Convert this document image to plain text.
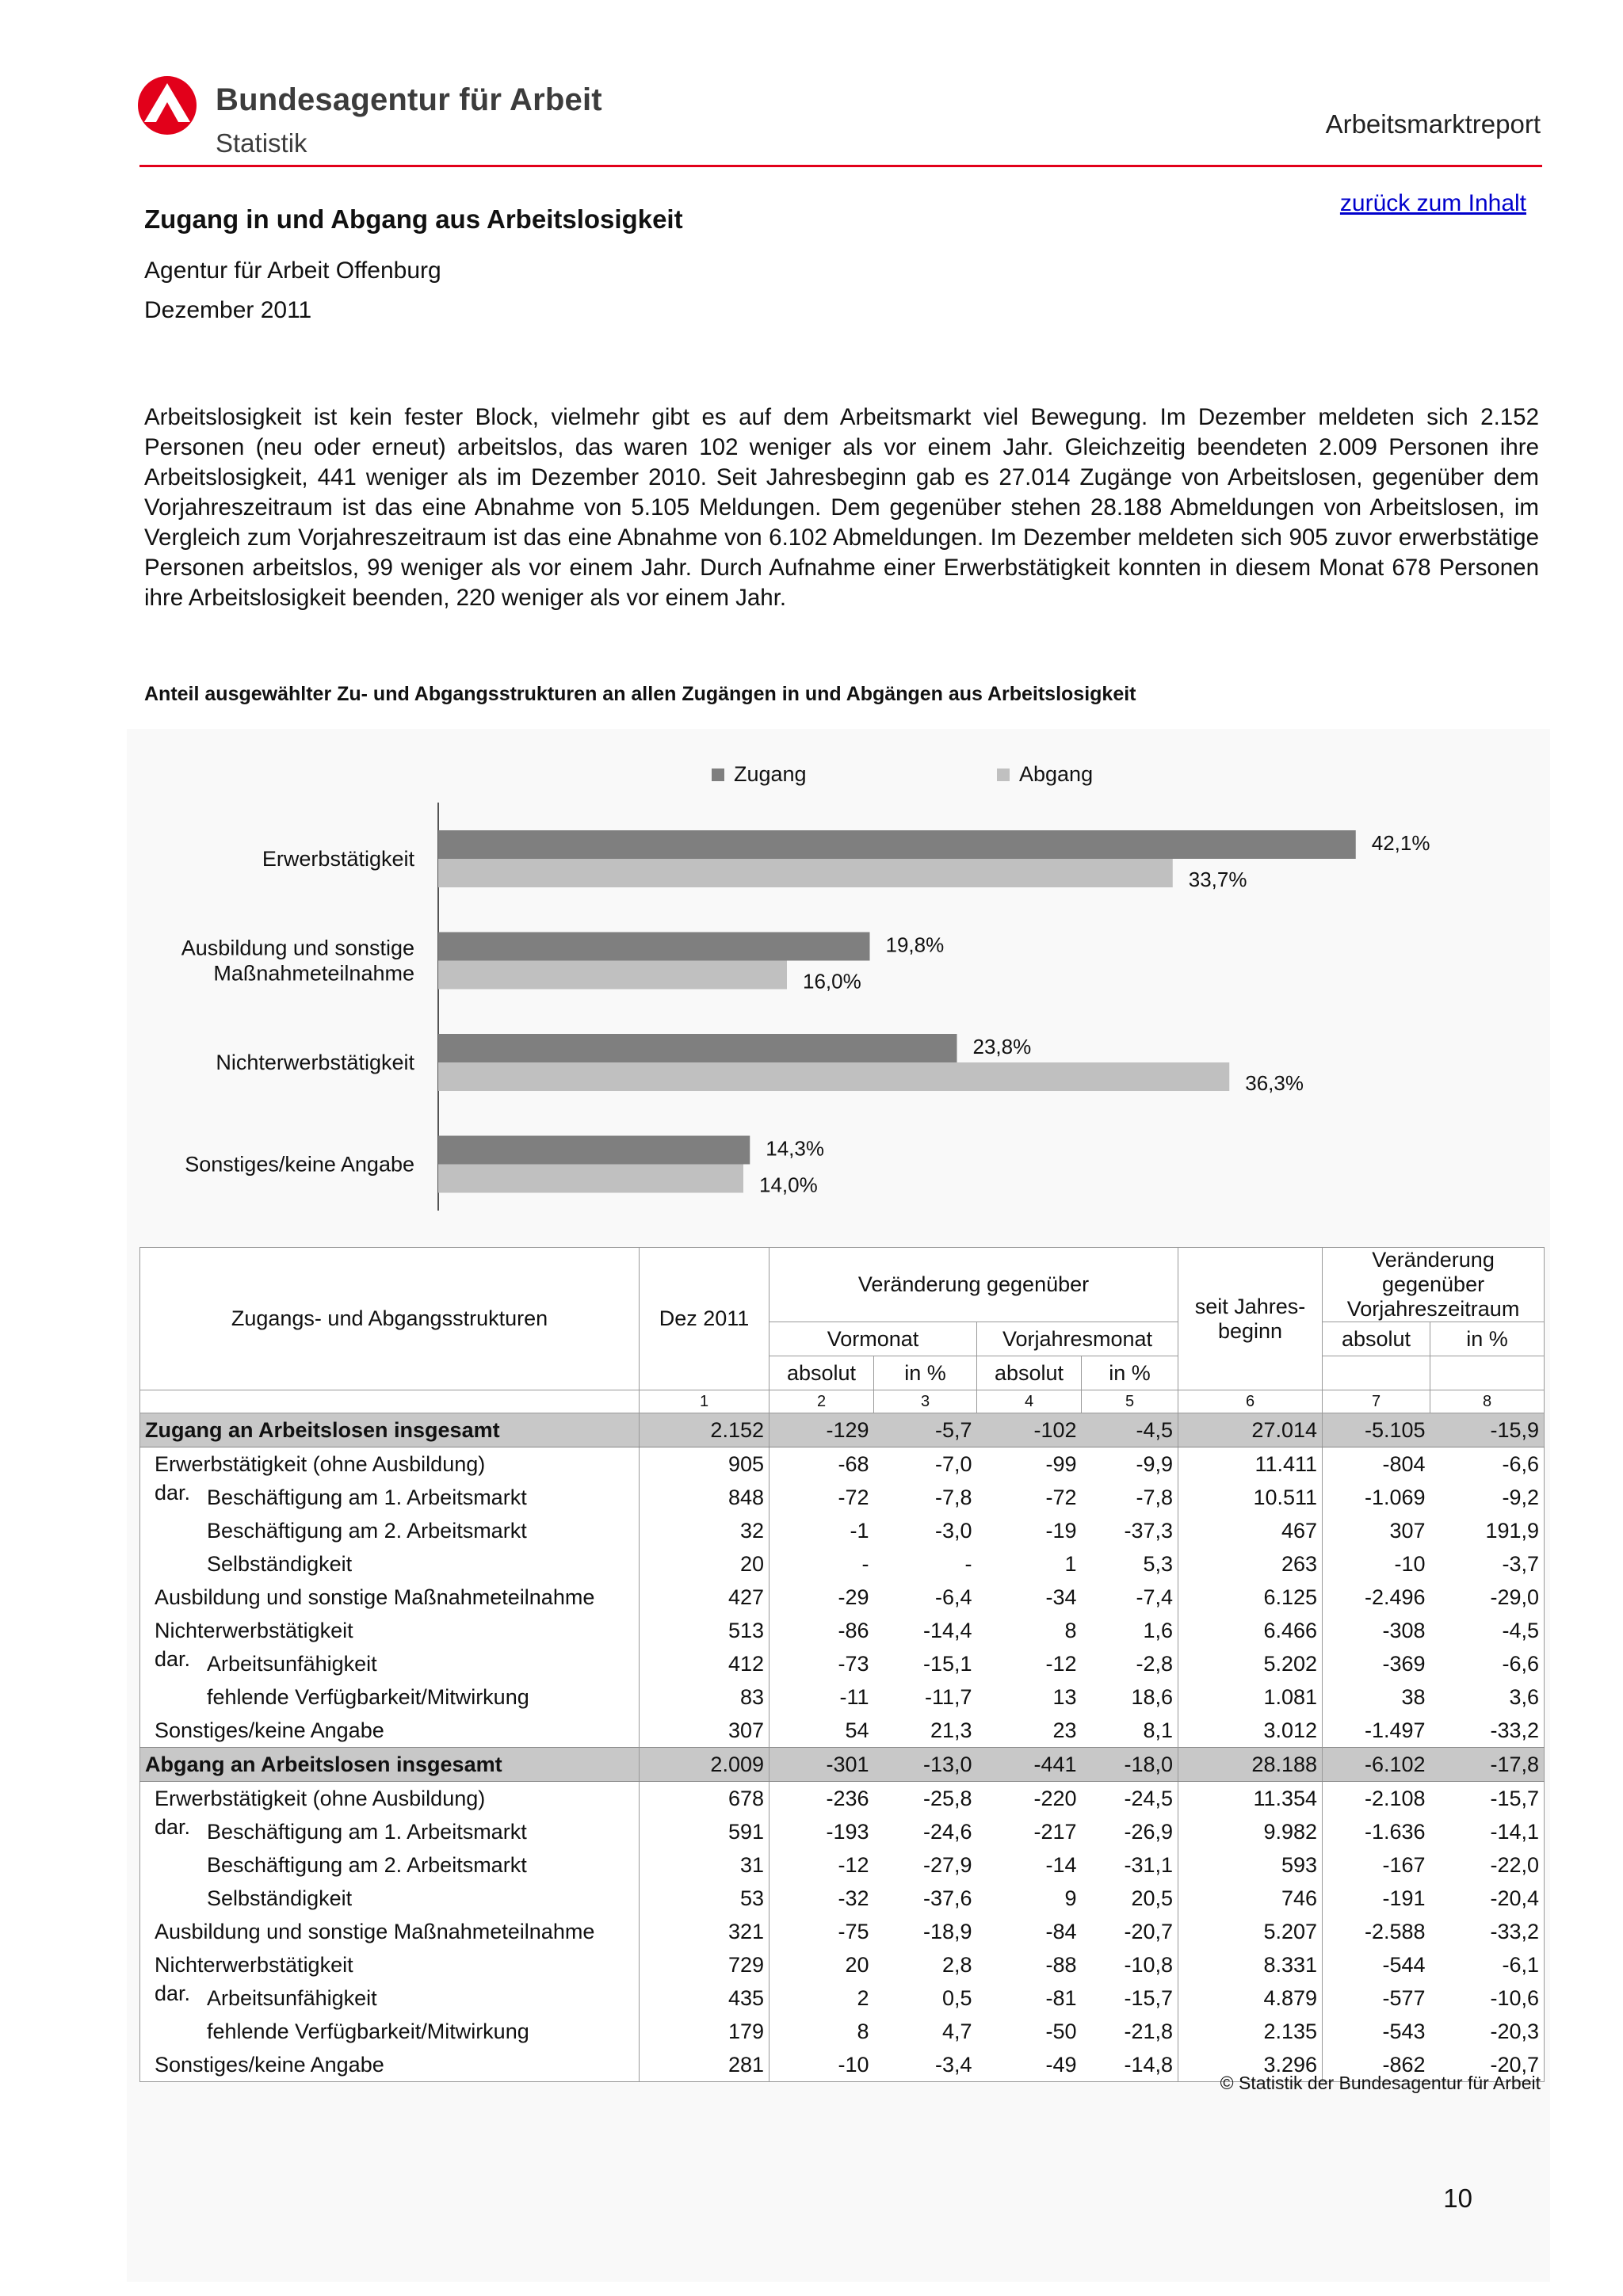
Bundesagentur für Arbeit
Statistik
Arbeitsmarktreport
zurück zum Inhalt
Zugang in und Abgang aus Arbeitslosigkeit
Agentur für Arbeit Offenburg
Dezember 2011
Arbeitslosigkeit ist kein fester Block, vielmehr gibt es auf dem Arbeitsmarkt viel Bewegung. Im Dezember meldeten sich 2.152 Personen (neu oder erneut) arbeitslos, das waren 102 weniger als vor einem Jahr. Gleichzeitig beendeten 2.009 Personen ihre Arbeitslosigkeit, 441 weniger als im Dezember 2010. Seit Jahresbeginn gab es 27.014 Zugänge von Arbeitslosen, gegenüber dem Vorjahreszeitraum ist das eine Abnahme von 5.105 Meldungen. Dem gegenüber stehen 28.188 Abmeldungen von Arbeitslosen, im Vergleich zum Vorjahreszeitraum ist das eine Abnahme von 6.102 Abmeldungen. Im Dezember meldeten sich 905 zuvor erwerbstätige Personen arbeitslos, 99 weniger als vor einem Jahr. Durch Aufnahme einer Erwerbstätigkeit konnten in diesem Monat 678 Personen ihre Arbeitslosigkeit beenden, 220 weniger als vor einem Jahr.
Anteil ausgewählter Zu- und Abgangsstrukturen an allen Zugängen in und Abgängen aus Arbeitslosigkeit
Zugang	Abgang
42,1%
33,7%
Erwerbstätigkeit
19,8%
16,0%
Ausbildung und sonstige
Maßnahmeteilnahme
23,8%
36,3%
Nichterwerbstätigkeit
14,3%
14,0%
Sonstiges/keine Angabe
Zugangs- und Abgangsstrukturen	Dez 2011	Veränderung gegenüber				seit Jahres-beginn	Veränderung gegenüber Vorjahreszeitraum	
		Vormonat		Vorjahresmonat			absolut	in %
		absolut	in %	absolut	in %			
	1	2	3	4	5	6	7	8
Zugang an Arbeitslosen insgesamt	2.152	-129	-5,7	-102	-4,5	27.014	-5.105	-15,9
Erwerbstätigkeit (ohne Ausbildung)	905	-68	-7,0	-99	-9,9	11.411	-804	-6,6
dar. Beschäftigung am 1. Arbeitsmarkt	848	-72	-7,8	-72	-7,8	10.511	-1.069	-9,2
Beschäftigung am 2. Arbeitsmarkt	32	-1	-3,0	-19	-37,3	467	307	191,9
Selbständigkeit	20	-	-	1	5,3	263	-10	-3,7
Ausbildung und sonstige Maßnahmeteilnahme	427	-29	-6,4	-34	-7,4	6.125	-2.496	-29,0
Nichterwerbstätigkeit	513	-86	-14,4	8	1,6	6.466	-308	-4,5
dar. Arbeitsunfähigkeit	412	-73	-15,1	-12	-2,8	5.202	-369	-6,6
fehlende Verfügbarkeit/Mitwirkung	83	-11	-11,7	13	18,6	1.081	38	3,6
Sonstiges/keine Angabe	307	54	21,3	23	8,1	3.012	-1.497	-33,2
Abgang an Arbeitslosen insgesamt	2.009	-301	-13,0	-441	-18,0	28.188	-6.102	-17,8
Erwerbstätigkeit (ohne Ausbildung)	678	-236	-25,8	-220	-24,5	11.354	-2.108	-15,7
dar. Beschäftigung am 1. Arbeitsmarkt	591	-193	-24,6	-217	-26,9	9.982	-1.636	-14,1
Beschäftigung am 2. Arbeitsmarkt	31	-12	-27,9	-14	-31,1	593	-167	-22,0
Selbständigkeit	53	-32	-37,6	9	20,5	746	-191	-20,4
Ausbildung und sonstige Maßnahmeteilnahme	321	-75	-18,9	-84	-20,7	5.207	-2.588	-33,2
Nichterwerbstätigkeit	729	20	2,8	-88	-10,8	8.331	-544	-6,1
dar. Arbeitsunfähigkeit	435	2	0,5	-81	-15,7	4.879	-577	-10,6
fehlende Verfügbarkeit/Mitwirkung	179	8	4,7	-50	-21,8	2.135	-543	-20,3
Sonstiges/keine Angabe	281	-10	-3,4	-49	-14,8	3.296	-862	-20,7
© Statistik der Bundesagentur für Arbeit
10
